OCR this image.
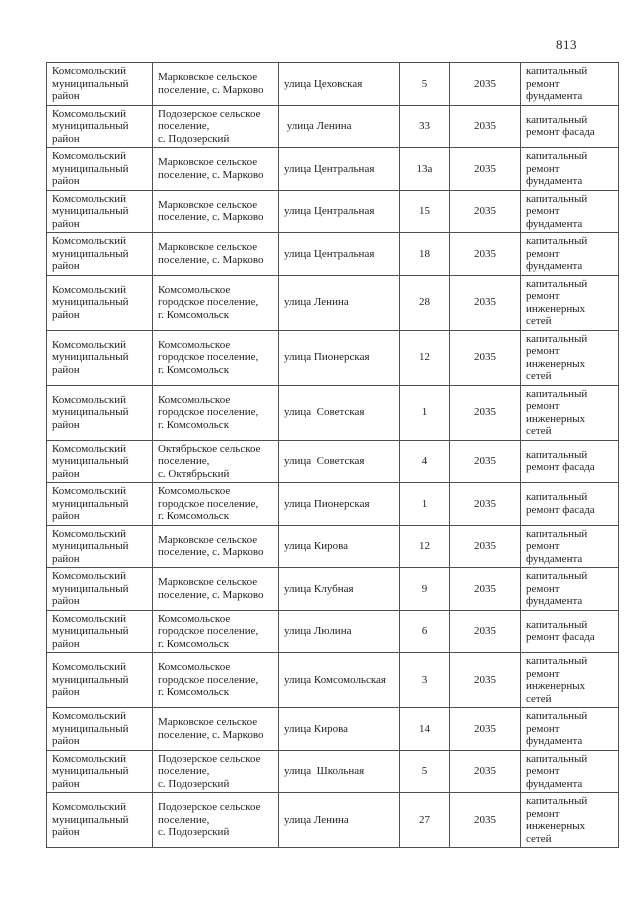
813
Комсомольский муниципальный район	Марковское сельское поселение, с. Марково	улица Цеховская	5	2035	капитальный ремонт фундамента
Комсомольский муниципальный район	Подозерское сельское поселение, с. Подозерский	улица Ленина	33	2035	капитальный ремонт фасада
Комсомольский муниципальный район	Марковское сельское поселение, с. Марково	улица Центральная	13а	2035	капитальный ремонт фундамента
Комсомольский муниципальный район	Марковское сельское поселение, с. Марково	улица Центральная	15	2035	капитальный ремонт фундамента
Комсомольский муниципальный район	Марковское сельское поселение, с. Марково	улица Центральная	18	2035	капитальный ремонт фундамента
Комсомольский муниципальный район	Комсомольское городское поселение, г. Комсомольск	улица Ленина	28	2035	капитальный ремонт инженерных сетей
Комсомольский муниципальный район	Комсомольское городское поселение, г. Комсомольск	улица Пионерская	12	2035	капитальный ремонт инженерных сетей
Комсомольский муниципальный район	Комсомольское городское поселение, г. Комсомольск	улица  Советская	1	2035	капитальный ремонт инженерных сетей
Комсомольский муниципальный район	Октябрьское сельское поселение, с. Октябрьский	улица  Советская	4	2035	капитальный ремонт фасада
Комсомольский муниципальный район	Комсомольское городское поселение, г. Комсомольск	улица Пионерская	1	2035	капитальный ремонт фасада
Комсомольский муниципальный район	Марковское сельское поселение, с. Марково	улица Кирова	12	2035	капитальный ремонт фундамента
Комсомольский муниципальный район	Марковское сельское поселение, с. Марково	улица Клубная	9	2035	капитальный ремонт фундамента
Комсомольский муниципальный район	Комсомольское городское поселение, г. Комсомольск	улица Люлина	6	2035	капитальный ремонт фасада
Комсомольский муниципальный район	Комсомольское городское поселение, г. Комсомольск	улица Комсомольская	3	2035	капитальный ремонт инженерных сетей
Комсомольский муниципальный район	Марковское сельское поселение, с. Марково	улица Кирова	14	2035	капитальный ремонт фундамента
Комсомольский муниципальный район	Подозерское сельское поселение, с. Подозерский	улица  Школьная	5	2035	капитальный ремонт фундамента
Комсомольский муниципальный район	Подозерское сельское поселение, с. Подозерский	улица Ленина	27	2035	капитальный ремонт инженерных сетей
